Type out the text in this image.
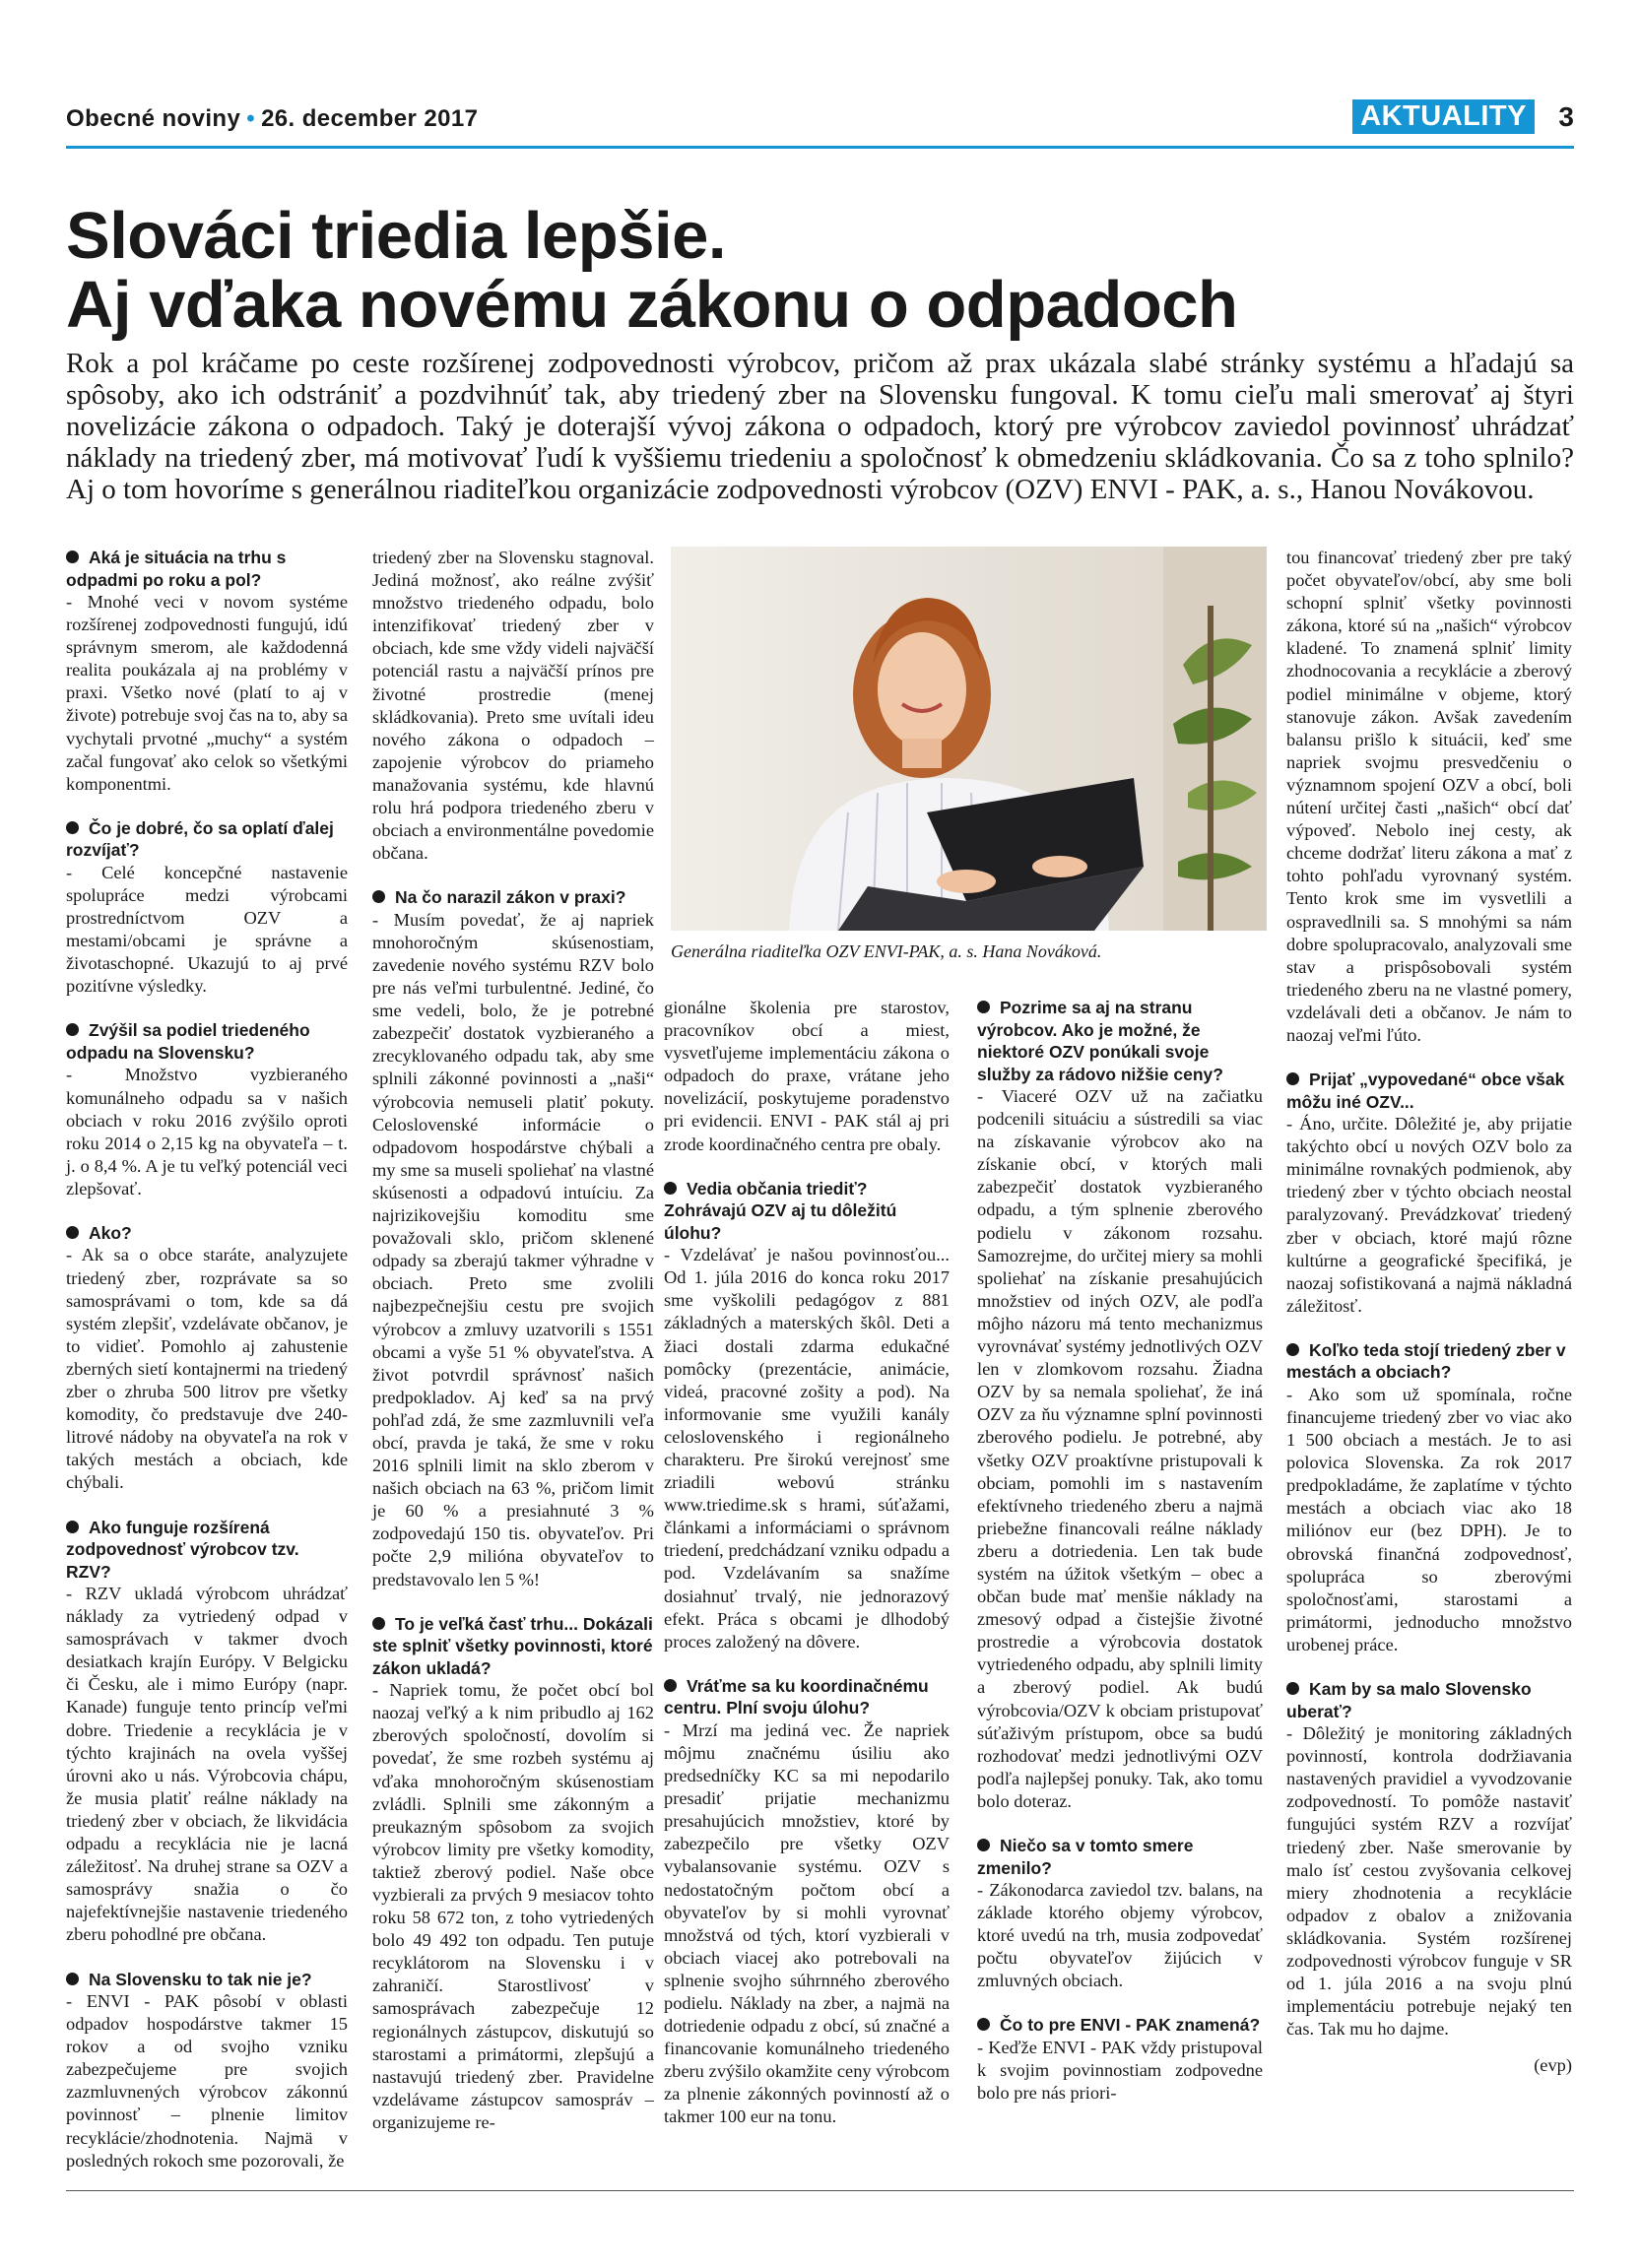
Obecné noviny • 26. december 2017	AKTUALITY 3
Slováci triedia lepšie.
Aj vďaka novému zákonu o odpadoch

Rok a pol kráčame po ceste rozšírenej zodpovednosti výrobcov, pričom až prax ukázala slabé stránky systému a hľadajú sa spôsoby, ako ich odstrániť a pozdvihnúť tak, aby triedený zber na Slovensku fungoval. K tomu cieľu mali smerovať aj štyri novelizácie zákona o odpadoch. Taký je doterajší vývoj zákona o odpadoch, ktorý pre výrobcov zaviedol povinnosť uhrádzať náklady na triedený zber, má motivovať ľudí k vyššiemu triedeniu a spoločnosť k obmedzeniu skládkovania. Čo sa z toho splnilo? Aj o tom hovoríme s generálnou riaditeľkou organizácie zodpovednosti výrobcov (OZV) ENVI - PAK, a. s., Hanou Novákovou.

Aká je situácia na trhu s odpadmi po roku a pol?

- Mnohé veci v novom systéme rozšírenej zodpovednosti fungujú, idú správnym smerom, ale každodenná realita poukázala aj na problémy v praxi. Všetko nové (platí to aj v živote) potrebuje svoj čas na to, aby sa vychytali prvotné „muchy“ a systém začal fungovať ako celok so všetkými komponentmi.

Čo je dobré, čo sa oplatí ďalej rozvíjať?

- Celé koncepčné nastavenie spolupráce medzi výrobcami prostredníctvom OZV a mestami/obcami je správne a životaschopné. Ukazujú to aj prvé pozitívne výsledky.

Zvýšil sa podiel triedeného odpadu na Slovensku?

- Množstvo vyzbieraného komunálneho odpadu sa v našich obciach v roku 2016 zvýšilo oproti roku 2014 o 2,15 kg na obyvateľa – t. j. o 8,4 %. A je tu veľký potenciál veci zlepšovať.

Ako?

- Ak sa o obce staráte, analyzujete triedený zber, rozprávate sa so samosprávami o tom, kde sa dá systém zlepšiť, vzdelávate občanov, je to vidieť. Pomohlo aj zahustenie zberných sietí kontajnermi na triedený zber o zhruba 500 litrov pre všetky komodity, čo predstavuje dve 240-litrové nádoby na obyvateľa na rok v takých mestách a obciach, kde chýbali.

Ako funguje rozšírená zodpovednosť výrobcov tzv. RZV?

- RZV ukladá výrobcom uhrádzať náklady za vytriedený odpad v samosprávach v takmer dvoch desiatkach krajín Európy. V Belgicku či Česku, ale i mimo Európy (napr. Kanade) funguje tento princíp veľmi dobre. Triedenie a recyklácia je v týchto krajinách na ovela vyššej úrovni ako u nás. Výrobcovia chápu, že musia platiť reálne náklady na triedený zber v obciach, že likvidácia odpadu a recyklácia nie je lacná záležitosť. Na druhej strane sa OZV a samosprávy snažia o čo najefektívnejšie nastavenie triedeného zberu pohodlné pre občana.

Na Slovensku to tak nie je?

- ENVI - PAK pôsobí v oblasti odpadov hospodárstve takmer 15 rokov a od svojho vzniku zabezpečujeme pre svojich zazmluvnených výrobcov zákonnú povinnosť – plnenie limitov recyklácie/zhodnotenia. Najmä v posledných rokoch sme pozorovali, že

triedený zber na Slovensku stagnoval. Jediná možnosť, ako reálne zvýšiť množstvo triedeného odpadu, bolo intenzifikovať triedený zber v obciach, kde sme vždy videli najväčší potenciál rastu a najväčší prínos pre životné prostredie (menej skládkovania). Preto sme uvítali ideu nového zákona o odpadoch – zapojenie výrobcov do priameho manažovania systému, kde hlavnú rolu hrá podpora triedeného zberu v obciach a environmentálne povedomie občana.

Na čo narazil zákon v praxi?

- Musím povedať, že aj napriek mnohoročným skúsenostiam, zavedenie nového systému RZV bolo pre nás veľmi turbulentné. Jediné, čo sme vedeli, bolo, že je potrebné zabezpečiť dostatok vyzbieraného a zrecyklovaného odpadu tak, aby sme splnili zákonné povinnosti a „naši“ výrobcovia nemuseli platiť pokuty. Celoslovenské informácie o odpadovom hospodárstve chýbali a my sme sa museli spoliehať na vlastné skúsenosti a odpadovú intuíciu. Za najrizikovejšiu komoditu sme považovali sklo, pričom sklenené odpady sa zberajú takmer výhradne v obciach. Preto sme zvolili najbezpečnejšiu cestu pre svojich výrobcov a zmluvy uzatvorili s 1551 obcami a vyše 51 % obyvateľstva. A život potvrdil správnosť našich predpokladov. Aj keď sa na prvý pohľad zdá, že sme zazmluvnili veľa obcí, pravda je taká, že sme v roku 2016 splnili limit na sklo zberom v našich obciach na 63 %, pričom limit je 60 % a presiahnuté 3 % zodpovedajú 150 tis. obyvateľov. Pri počte 2,9 milióna obyvateľov to predstavovalo len 5 %!

To je veľká časť trhu... Dokázali ste splniť všetky povinnosti, ktoré zákon ukladá?

- Napriek tomu, že počet obcí bol naozaj veľký a k nim pribudlo aj 162 zberových spoločností, dovolím si povedať, že sme rozbeh systému aj vďaka mnohoročným skúsenostiam zvládli. Splnili sme zákonným a preukazným spôsobom za svojich výrobcov limity pre všetky komodity, taktiež zberový podiel. Naše obce vyzbierali za prvých 9 mesiacov tohto roku 58 672 ton, z toho vytriedených bolo 49 492 ton odpadu. Ten putuje recyklátorom na Slovensku i v zahraničí. Starostlivosť v samosprávach zabezpečuje 12 regionálnych zástupcov, diskutujú so starostami a primátormi, zlepšujú a nastavujú triedený zber. Pravidelne vzdelávame zástupcov samospráv – organizujeme re-

Generálna riaditeľka OZV ENVI-PAK, a. s. Hana Nováková.

gionálne školenia pre starostov, pracovníkov obcí a miest, vysvetľujeme implementáciu zákona o odpadoch do praxe, vrátane jeho novelizácií, poskytujeme poradenstvo pri evidencii. ENVI - PAK stál aj pri zrode koordinačného centra pre obaly.

Vedia občania triediť? Zohrávajú OZV aj tu dôležitú úlohu?

- Vzdelávať je našou povinnosťou... Od 1. júla 2016 do konca roku 2017 sme vyškolili pedagógov z 881 základných a materských škôl. Deti a žiaci dostali zdarma edukačné pomôcky (prezentácie, animácie, videá, pracovné zošity a pod). Na informovanie sme využili kanály celoslovenského i regionálneho charakteru. Pre širokú verejnosť sme zriadili webovú stránku www.triedime.sk s hrami, súťažami, článkami a informáciami o správnom triedení, predchádzaní vzniku odpadu a pod. Vzdelávaním sa snažíme dosiahnuť trvalý, nie jednorazový efekt. Práca s obcami je dlhodobý proces založený na dôvere.

Vráťme sa ku koordinačnému centru. Plní svoju úlohu?

- Mrzí ma jediná vec. Že napriek môjmu značnému úsiliu ako predsedníčky KC sa mi nepodarilo presadiť prijatie mechanizmu presahujúcich množstiev, ktoré by zabezpečilo pre všetky OZV vybalansovanie systému. OZV s nedostatočným počtom obcí a obyvateľov by si mohli vyrovnať množstvá od tých, ktorí vyzbierali v obciach viacej ako potrebovali na splnenie svojho súhrnného zberového podielu. Náklady na zber, a najmä na dotriedenie odpadu z obcí, sú značné a financovanie komunálneho triedeného zberu zvýšilo okamžite ceny výrobcom za plnenie zákonných povinností až o takmer 100 eur na tonu.

Pozrime sa aj na stranu výrobcov. Ako je možné, že niektoré OZV ponúkali svoje služby za rádovo nižšie ceny?

- Viaceré OZV už na začiatku podcenili situáciu a sústredili sa viac na získavanie výrobcov ako na získanie obcí, v ktorých mali zabezpečiť dostatok vyzbieraného odpadu, a tým splnenie zberového podielu v zákonom rozsahu. Samozrejme, do určitej miery sa mohli spoliehať na získanie presahujúcich množstiev od iných OZV, ale podľa môjho názoru má tento mechanizmus vyrovnávať systémy jednotlivých OZV len v zlomkovom rozsahu. Žiadna OZV by sa nemala spoliehať, že iná OZV za ňu významne splní povinnosti zberového podielu. Je potrebné, aby všetky OZV proaktívne pristupovali k obciam, pomohli im s nastavením efektívneho triedeného zberu a najmä priebežne financovali reálne náklady zberu a dotriedenia. Len tak bude systém na úžitok všetkým – obec a občan bude mať menšie náklady na zmesový odpad a čistejšie životné prostredie a výrobcovia dostatok vytriedeného odpadu, aby splnili limity a zberový podiel. Ak budú výrobcovia/OZV k obciam pristupovať súťaživým prístupom, obce sa budú rozhodovať medzi jednotlivými OZV podľa najlepšej ponuky. Tak, ako tomu bolo doteraz.

Niečo sa v tomto smere zmenilo?

- Zákonodarca zaviedol tzv. balans, na základe ktorého objemy výrobcov, ktoré uvedú na trh, musia zodpovedať počtu obyvateľov žijúcich v zmluvných obciach.

Čo to pre ENVI - PAK znamená?

- Keďže ENVI - PAK vždy pristupoval k svojim povinnostiam zodpovedne bolo pre nás priori-

tou financovať triedený zber pre taký počet obyvateľov/obcí, aby sme boli schopní splniť všetky povinnosti zákona, ktoré sú na „našich“ výrobcov kladené. To znamená splniť limity zhodnocovania a recyklácie a zberový podiel minimálne v objeme, ktorý stanovuje zákon. Avšak zavedením balansu prišlo k situácii, keď sme napriek svojmu presvedčeniu o významnom spojení OZV a obcí, boli nútení určitej časti „našich“ obcí dať výpoveď. Nebolo inej cesty, ak chceme dodržať literu zákona a mať z tohto pohľadu vyrovnaný systém. Tento krok sme im vysvetlili a ospravedlnili sa. S mnohými sa nám dobre spolupracovalo, analyzovali sme stav a prispôsobovali systém triedeného zberu na ne vlastné pomery, vzdelávali deti a občanov. Je nám to naozaj veľmi ľúto.

Prijať „vypovedané“ obce však môžu iné OZV...

- Áno, určite. Dôležité je, aby prijatie takýchto obcí u nových OZV bolo za minimálne rovnakých podmienok, aby triedený zber v týchto obciach neostal paralyzovaný. Prevádzkovať triedený zber v obciach, ktoré majú rôzne kultúrne a geografické špecifiká, je naozaj sofistikovaná a najmä nákladná záležitosť.

Koľko teda stojí triedený zber v mestách a obciach?

- Ako som už spomínala, ročne financujeme triedený zber vo viac ako 1 500 obciach a mestách. Je to asi polovica Slovenska. Za rok 2017 predpokladáme, že zaplatíme v týchto mestách a obciach viac ako 18 miliónov eur (bez DPH). Je to obrovská finančná zodpovednosť, spolupráca so zberovými spoločnosťami, starostami a primátormi, jednoducho množstvo urobenej práce.

Kam by sa malo Slovensko uberať?

- Dôležitý je monitoring základných povinností, kontrola dodržiavania nastavených pravidiel a vyvodzovanie zodpovedností. To pomôže nastaviť fungujúci systém RZV a rozvíjať triedený zber. Naše smerovanie by malo ísť cestou zvyšovania celkovej miery zhodnotenia a recyklácie odpadov z obalov a znižovania skládkovania. Systém rozšírenej zodpovednosti výrobcov funguje v SR od 1. júla 2016 a na svoju plnú implementáciu potrebuje nejaký ten čas. Tak mu ho dajme.

(evp)
